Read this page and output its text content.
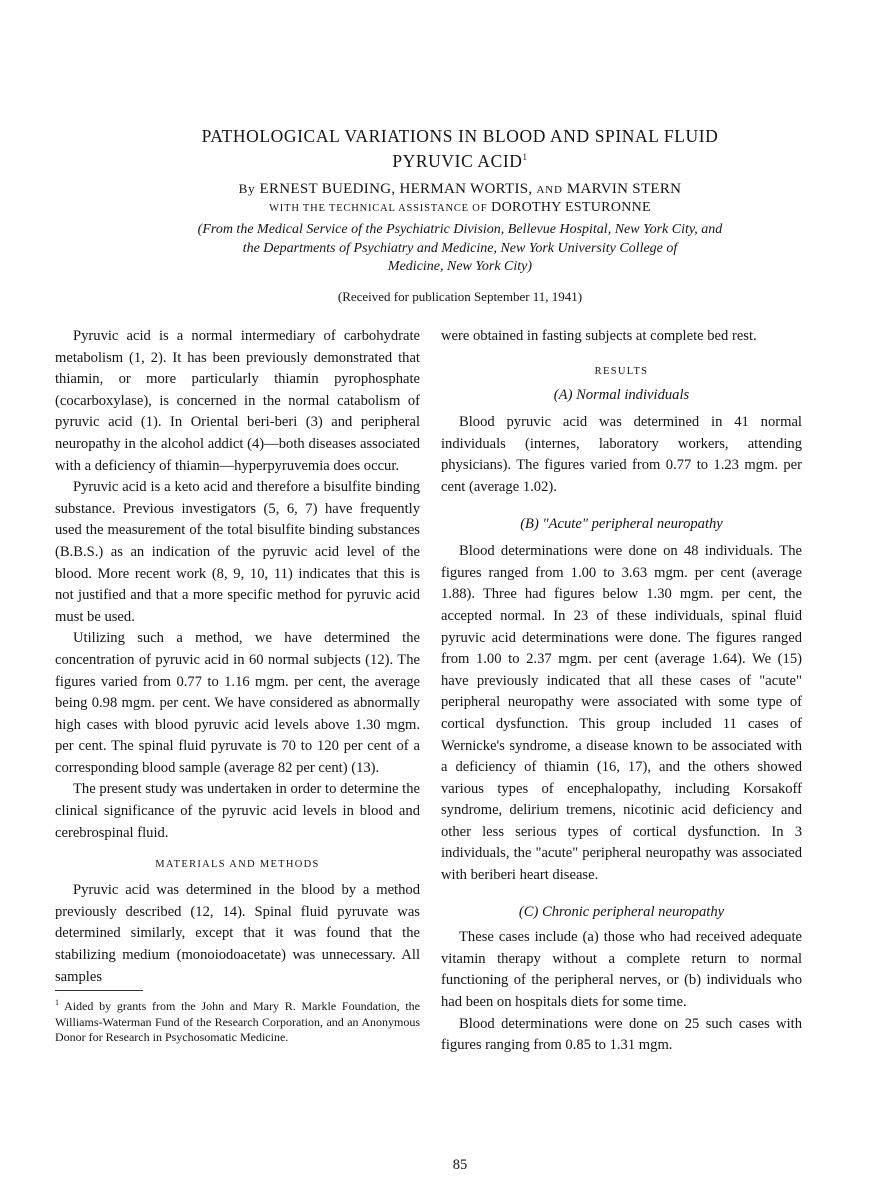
PATHOLOGICAL VARIATIONS IN BLOOD AND SPINAL FLUID
PYRUVIC ACID$^1$
By ERNEST BUEDING, HERMAN WORTIS, AND MARVIN STERN
WITH THE TECHNICAL ASSISTANCE OF DOROTHY ESTURONNE
(From the Medical Service of the Psychiatric Division, Bellevue Hospital, New York City, and
the Departments of Psychiatry and Medicine, New York University College of
Medicine, New York City)
(Received for publication September 11, 1941)

Pyruvic acid is a normal intermediary of carbohydrate metabolism (1, 2). It has been previously demonstrated that thiamin, or more particularly thiamin pyrophosphate (cocarboxylase), is concerned in the normal catabolism of pyruvic acid (1). In Oriental beri-beri (3) and peripheral neuropathy in the alcohol addict (4)—both diseases associated with a deficiency of thiamin—hyperpyruvemia does occur.

Pyruvic acid is a keto acid and therefore a bisulfite binding substance. Previous investigators (5, 6, 7) have frequently used the measurement of the total bisulfite binding substances (B.B.S.) as an indication of the pyruvic acid level of the blood. More recent work (8, 9, 10, 11) indicates that this is not justified and that a more specific method for pyruvic acid must be used.

Utilizing such a method, we have determined the concentration of pyruvic acid in 60 normal subjects (12). The figures varied from 0.77 to 1.16 mgm. per cent, the average being 0.98 mgm. per cent. We have considered as abnormally high cases with blood pyruvic acid levels above 1.30 mgm. per cent. The spinal fluid pyruvate is 70 to 120 per cent of a corresponding blood sample (average 82 per cent) (13).

The present study was undertaken in order to determine the clinical significance of the pyruvic acid levels in blood and cerebrospinal fluid.

MATERIALS AND METHODS

Pyruvic acid was determined in the blood by a method previously described (12, 14). Spinal fluid pyruvate was determined similarly, except that it was found that the stabilizing medium (monoiodoacetate) was unnecessary. All samples

$^1$ Aided by grants from the John and Mary R. Markle Foundation, the Williams-Waterman Fund of the Research Corporation, and an Anonymous Donor for Research in Psychosomatic Medicine.

were obtained in fasting subjects at complete bed rest.

RESULTS

(A) Normal individuals

Blood pyruvic acid was determined in 41 normal individuals (internes, laboratory workers, attending physicians). The figures varied from 0.77 to 1.23 mgm. per cent (average 1.02).

(B) "Acute" peripheral neuropathy

Blood determinations were done on 48 individuals. The figures ranged from 1.00 to 3.63 mgm. per cent (average 1.88). Three had figures below 1.30 mgm. per cent, the accepted normal. In 23 of these individuals, spinal fluid pyruvic acid determinations were done. The figures ranged from 1.00 to 2.37 mgm. per cent (average 1.64). We (15) have previously indicated that all these cases of "acute" peripheral neuropathy were associated with some type of cortical dysfunction. This group included 11 cases of Wernicke's syndrome, a disease known to be associated with a deficiency of thiamin (16, 17), and the others showed various types of encephalopathy, including Korsakoff syndrome, delirium tremens, nicotinic acid deficiency and other less serious types of cortical dysfunction. In 3 individuals, the "acute" peripheral neuropathy was associated with beriberi heart disease.

(C) Chronic peripheral neuropathy

These cases include (a) those who had received adequate vitamin therapy without a complete return to normal functioning of the peripheral nerves, or (b) individuals who had been on hospitals diets for some time.

Blood determinations were done on 25 such cases with figures ranging from 0.85 to 1.31 mgm.

85
